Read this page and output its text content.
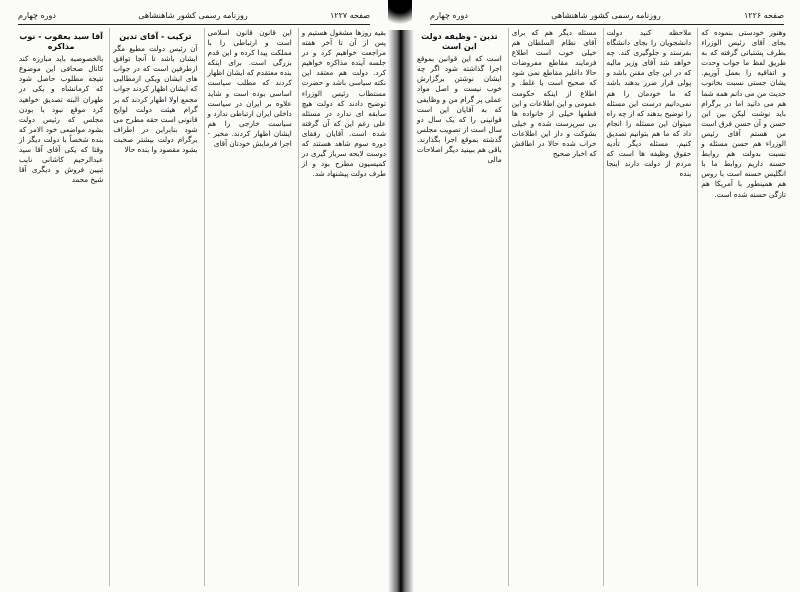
صفحه ۱۲۲۷
روزنامه رسمی کشور شاهنشاهی
دوره چهارم

بقیه روزها مشغول هستیم و پس از آن تا آخر هفته مراجعت خواهیم کرد و در جلسه آینده مذاکره خواهیم کرد. دولت هم معتقد این نکته سیاسی باشد و حضرت مستطاب رئیس الوزراء توضیح دادند که دولت هیچ سابقه ای ندارد در مسئله علی رغم این که آن گرفته شده است. آقایان رفقای دوره سوم شاهد هستند که دوست لایحه سرباز گیری در کمیسیون مطرح بود و از طرف دولت پیشنهاد شد.

این قانون قانون اسلامی است و ارتباطی را با مملکت پیدا کرده و این قدم بزرگی است. برای اینکه بنده معتقدم که ایشان اظهار کردند که مطلب سیاست اساسی بوده است و شاید علاوه بر ایران در سیاست داخلی ایران ارتباطی ندارد و سیاست خارجی را هم ایشان اظهار کردند. مخبر - اجرا فرمایش خودتان آقای

ترکیب - آقای تدین

آن رئیس دولت مطیع مگر ایشان باشد تا آنجا توافق ازطرفین است که در جواب های ایشان ویکی ازمطالبی که ایشان اظهار کردند جواب مجمع اولا اظهار کردند که بر گرام هیئت دولت لوایح قانونی است حقه مطرح می شود بنابراین در اطراف برگرام دولت بیشتر صحبت بشود مقصود وا بنده حالا

آقا سید یعقوب - نوب مذاکره

بالخصوصیه باید مبارزه کند کانال صحافی این موضوع نتیجه مطلوب حاصل شود که کرمانشاه و یکی در طهران البته تصدیق خواهید کرد موقع نبود با بودن مجلس که رئیس دولت بشود مواضعی خود الامر که بنده شخصاً با دولت دیگر از وقتا که یکی آقای آقا سید عبدالرحیم کاشانی نایب تبیین فروش و دیگری آقا شیخ محمد

صفحه ۱۲۲۶
روزنامه رسمی کشور شاهنشاهی
دوره چهارم

وهنوز خودستی بنموده که بجای آقای رئیس الوزراء بطرف پشتبانی گرفته که به طریق لفظ ما جواب وحدت و اتفاقیه را بعمل آوریم. یشان جستی نسبت بخانوب حدیث من می دانم همه شما هم می دانید اما در برگرام باید نوشت لیکن بین ابن حسن و آن حسن فرق است من هستم آقای رئیس الوزراء هم حسن مسئله و نسبت بدولت هم روابط حسنه داریم روابط ما با انگلیس حسنه است با روس هم همینطور با آمریکا هم تازگی حسنه شده است.

ملاحظه کنید دولت دانشجویان را بجای دانشگاه بفرستد و جلوگیری کند. چه خواهد شد آقای وزیر مالیه که در این جای مقنن باشد و پولی قرار ضرر بدهند باشد که ما خودمان را هم نمی‌دانیم درست این مسئله را توضیح بدهند که از چه راه میتوان این مسئله را انجام داد که ما هم بتوانیم تصدیق کنیم. مسئله دیگر تأدیه حقوق وظیفه ها است که مردم از دولت دارند اینجا بنده

مسئله دیگر هم که برای آقای نظام السلطان هم خیلی خوب است اطلاع فرمایند مقاطع مفروضات حالا داغلیز مقاطع نمی شود که صحیح است یا غلط. و اطلاع از اینکه حکومت عمومی و این اطلاعات و این قطعها خیلی از خانواده ها بی سرپرست شده و خیلی بشوکت و داز این اطلاعات خراب شده حالا در اطاقش که اخبار صحیح

تدین - وظیفه دولت این است

است که این قوانین بموقع اجرا گذاشته شود اگر چه ایشان نوشتن برگزارش خوب نیست و اصل مواد عملی پر گرام من و وظایفی که به آقایان این است قوانینی را که یک سال دو سال است از تصویب مجلس گذشته بموقع اجرا بگذارند. باقی هم ببینید دیگر اصلاحات مالی
